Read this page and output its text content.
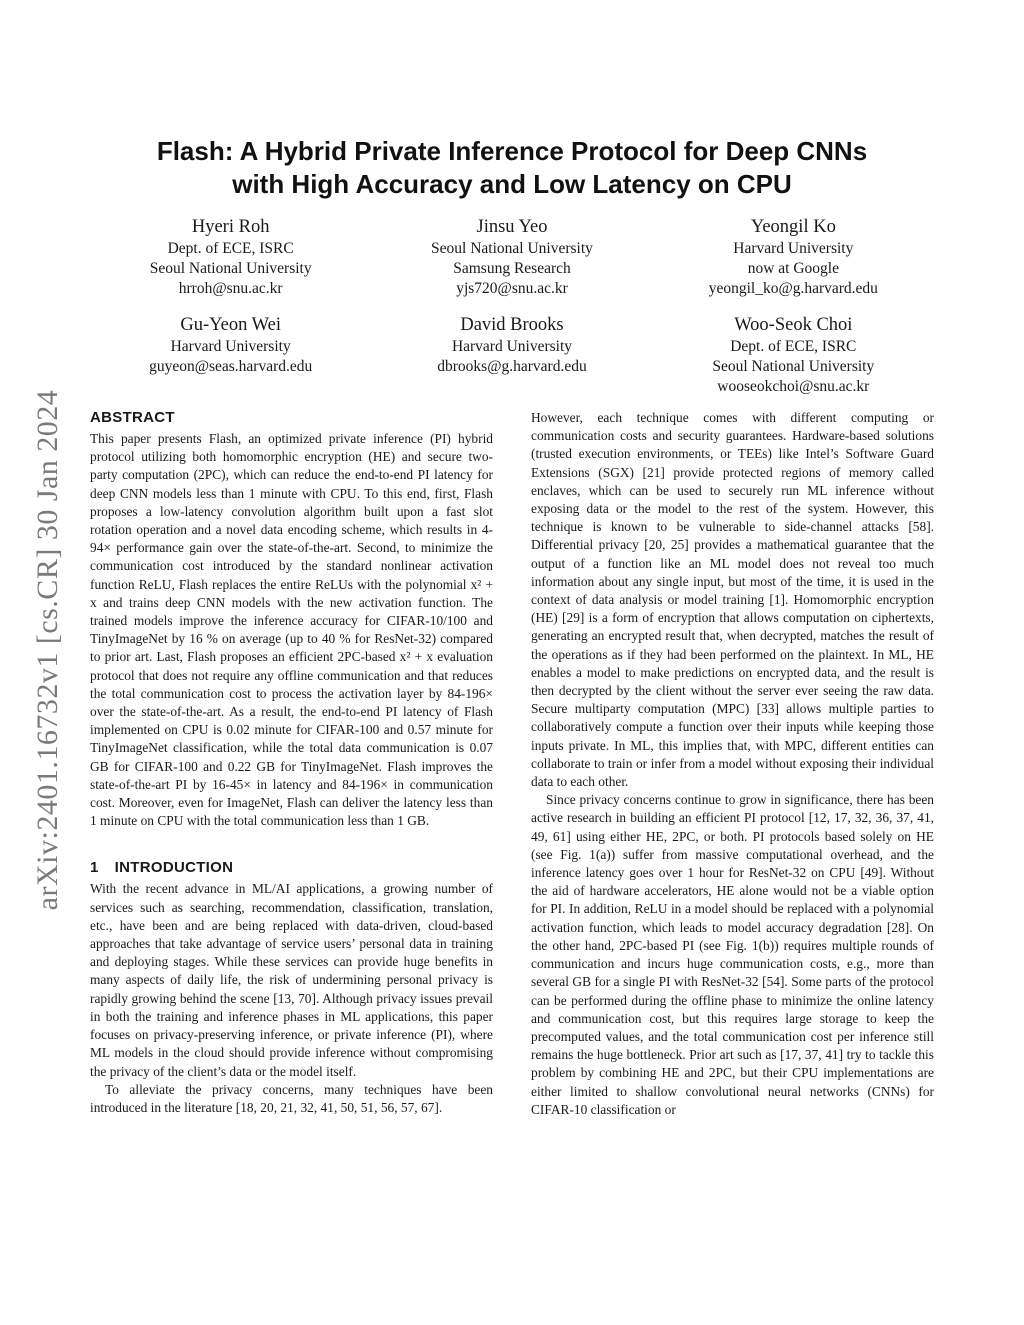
arXiv:2401.16732v1 [cs.CR] 30 Jan 2024
Flash: A Hybrid Private Inference Protocol for Deep CNNs
with High Accuracy and Low Latency on CPU
Hyeri Roh
Dept. of ECE, ISRC
Seoul National University
hrroh@snu.ac.kr
Jinsu Yeo
Seoul National University
Samsung Research
yjs720@snu.ac.kr
Yeongil Ko
Harvard University
now at Google
yeongil_ko@g.harvard.edu
Gu-Yeon Wei
Harvard University
guyeon@seas.harvard.edu
David Brooks
Harvard University
dbrooks@g.harvard.edu
Woo-Seok Choi
Dept. of ECE, ISRC
Seoul National University
wooseokchoi@snu.ac.kr
ABSTRACT

This paper presents Flash, an optimized private inference (PI) hybrid protocol utilizing both homomorphic encryption (HE) and secure two-party computation (2PC), which can reduce the end-to-end PI latency for deep CNN models less than 1 minute with CPU. To this end, first, Flash proposes a low-latency convolution algorithm built upon a fast slot rotation operation and a novel data encoding scheme, which results in 4-94× performance gain over the state-of-the-art. Second, to minimize the communication cost introduced by the standard nonlinear activation function ReLU, Flash replaces the entire ReLUs with the polynomial x² + x and trains deep CNN models with the new activation function. The trained models improve the inference accuracy for CIFAR-10/100 and TinyImageNet by 16 % on average (up to 40 % for ResNet-32) compared to prior art. Last, Flash proposes an efficient 2PC-based x² + x evaluation protocol that does not require any offline communication and that reduces the total communication cost to process the activation layer by 84-196× over the state-of-the-art. As a result, the end-to-end PI latency of Flash implemented on CPU is 0.02 minute for CIFAR-100 and 0.57 minute for TinyImageNet classification, while the total data communication is 0.07 GB for CIFAR-100 and 0.22 GB for TinyImageNet. Flash improves the state-of-the-art PI by 16-45× in latency and 84-196× in communication cost. Moreover, even for ImageNet, Flash can deliver the latency less than 1 minute on CPU with the total communication less than 1 GB.

1 INTRODUCTION

With the recent advance in ML/AI applications, a growing number of services such as searching, recommendation, classification, translation, etc., have been and are being replaced with data-driven, cloud-based approaches that take advantage of service users’ personal data in training and deploying stages. While these services can provide huge benefits in many aspects of daily life, the risk of undermining personal privacy is rapidly growing behind the scene [13, 70]. Although privacy issues prevail in both the training and inference phases in ML applications, this paper focuses on privacy-preserving inference, or private inference (PI), where ML models in the cloud should provide inference without compromising the privacy of the client’s data or the model itself.

To alleviate the privacy concerns, many techniques have been introduced in the literature [18, 20, 21, 32, 41, 50, 51, 56, 57, 67].

However, each technique comes with different computing or communication costs and security guarantees. Hardware-based solutions (trusted execution environments, or TEEs) like Intel’s Software Guard Extensions (SGX) [21] provide protected regions of memory called enclaves, which can be used to securely run ML inference without exposing data or the model to the rest of the system. However, this technique is known to be vulnerable to side-channel attacks [58]. Differential privacy [20, 25] provides a mathematical guarantee that the output of a function like an ML model does not reveal too much information about any single input, but most of the time, it is used in the context of data analysis or model training [1]. Homomorphic encryption (HE) [29] is a form of encryption that allows computation on ciphertexts, generating an encrypted result that, when decrypted, matches the result of the operations as if they had been performed on the plaintext. In ML, HE enables a model to make predictions on encrypted data, and the result is then decrypted by the client without the server ever seeing the raw data. Secure multiparty computation (MPC) [33] allows multiple parties to collaboratively compute a function over their inputs while keeping those inputs private. In ML, this implies that, with MPC, different entities can collaborate to train or infer from a model without exposing their individual data to each other.

Since privacy concerns continue to grow in significance, there has been active research in building an efficient PI protocol [12, 17, 32, 36, 37, 41, 49, 61] using either HE, 2PC, or both. PI protocols based solely on HE (see Fig. 1(a)) suffer from massive computational overhead, and the inference latency goes over 1 hour for ResNet-32 on CPU [49]. Without the aid of hardware accelerators, HE alone would not be a viable option for PI. In addition, ReLU in a model should be replaced with a polynomial activation function, which leads to model accuracy degradation [28]. On the other hand, 2PC-based PI (see Fig. 1(b)) requires multiple rounds of communication and incurs huge communication costs, e.g., more than several GB for a single PI with ResNet-32 [54]. Some parts of the protocol can be performed during the offline phase to minimize the online latency and communication cost, but this requires large storage to keep the precomputed values, and the total communication cost per inference still remains the huge bottleneck. Prior art such as [17, 37, 41] try to tackle this problem by combining HE and 2PC, but their CPU implementations are either limited to shallow convolutional neural networks (CNNs) for CIFAR-10 classification or
